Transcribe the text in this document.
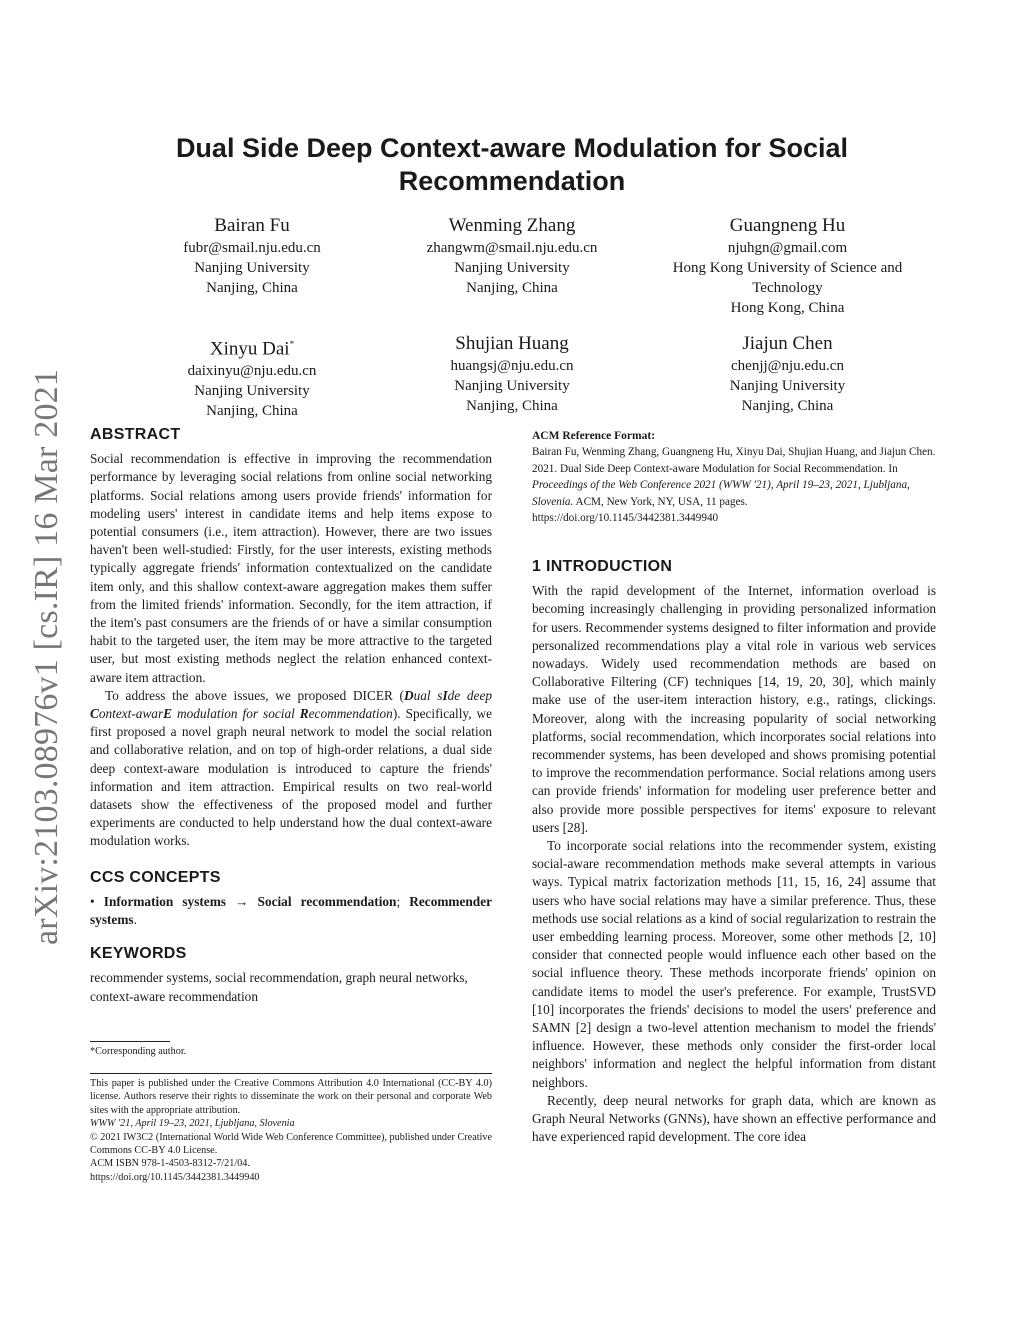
arXiv:2103.08976v1 [cs.IR] 16 Mar 2021
Dual Side Deep Context-aware Modulation for Social Recommendation
Bairan Fu
fubr@smail.nju.edu.cn
Nanjing University
Nanjing, China
Wenming Zhang
zhangwm@smail.nju.edu.cn
Nanjing University
Nanjing, China
Guangneng Hu
njuhgn@gmail.com
Hong Kong University of Science and Technology
Hong Kong, China
Xinyu Dai*
daixinyu@nju.edu.cn
Nanjing University
Nanjing, China
Shujian Huang
huangsj@nju.edu.cn
Nanjing University
Nanjing, China
Jiajun Chen
chenjj@nju.edu.cn
Nanjing University
Nanjing, China
ABSTRACT

Social recommendation is effective in improving the recommendation performance by leveraging social relations from online social networking platforms. Social relations among users provide friends' information for modeling users' interest in candidate items and help items expose to potential consumers (i.e., item attraction). However, there are two issues haven't been well-studied: Firstly, for the user interests, existing methods typically aggregate friends' information contextualized on the candidate item only, and this shallow context-aware aggregation makes them suffer from the limited friends' information. Secondly, for the item attraction, if the item's past consumers are the friends of or have a similar consumption habit to the targeted user, the item may be more attractive to the targeted user, but most existing methods neglect the relation enhanced context-aware item attraction.

To address the above issues, we proposed DICER (Dual sIde deep Context-awarE modulation for social Recommendation). Specifically, we first proposed a novel graph neural network to model the social relation and collaborative relation, and on top of high-order relations, a dual side deep context-aware modulation is introduced to capture the friends' information and item attraction. Empirical results on two real-world datasets show the effectiveness of the proposed model and further experiments are conducted to help understand how the dual context-aware modulation works.

CCS CONCEPTS

• Information systems → Social recommendation; Recommender systems.

KEYWORDS

recommender systems, social recommendation, graph neural networks, context-aware recommendation

*Corresponding author.
This paper is published under the Creative Commons Attribution 4.0 International (CC-BY 4.0) license. Authors reserve their rights to disseminate the work on their personal and corporate Web sites with the appropriate attribution.
WWW '21, April 19–23, 2021, Ljubljana, Slovenia
© 2021 IW3C2 (International World Wide Web Conference Committee), published under Creative Commons CC-BY 4.0 License.
ACM ISBN 978-1-4503-8312-7/21/04.
https://doi.org/10.1145/3442381.3449940
ACM Reference Format:
Bairan Fu, Wenming Zhang, Guangneng Hu, Xinyu Dai, Shujian Huang, and Jiajun Chen. 2021. Dual Side Deep Context-aware Modulation for Social Recommendation. In Proceedings of the Web Conference 2021 (WWW '21), April 19–23, 2021, Ljubljana, Slovenia. ACM, New York, NY, USA, 11 pages. https://doi.org/10.1145/3442381.3449940
1 INTRODUCTION

With the rapid development of the Internet, information overload is becoming increasingly challenging in providing personalized information for users. Recommender systems designed to filter information and provide personalized recommendations play a vital role in various web services nowadays. Widely used recommendation methods are based on Collaborative Filtering (CF) techniques [14, 19, 20, 30], which mainly make use of the user-item interaction history, e.g., ratings, clickings. Moreover, along with the increasing popularity of social networking platforms, social recommendation, which incorporates social relations into recommender systems, has been developed and shows promising potential to improve the recommendation performance. Social relations among users can provide friends' information for modeling user preference better and also provide more possible perspectives for items' exposure to relevant users [28].

To incorporate social relations into the recommender system, existing social-aware recommendation methods make several attempts in various ways. Typical matrix factorization methods [11, 15, 16, 24] assume that users who have social relations may have a similar preference. Thus, these methods use social relations as a kind of social regularization to restrain the user embedding learning process. Moreover, some other methods [2, 10] consider that connected people would influence each other based on the social influence theory. These methods incorporate friends' opinion on candidate items to model the user's preference. For example, TrustSVD [10] incorporates the friends' decisions to model the users' preference and SAMN [2] design a two-level attention mechanism to model the friends' influence. However, these methods only consider the first-order local neighbors' information and neglect the helpful information from distant neighbors.

Recently, deep neural networks for graph data, which are known as Graph Neural Networks (GNNs), have shown an effective performance and have experienced rapid development. The core idea
